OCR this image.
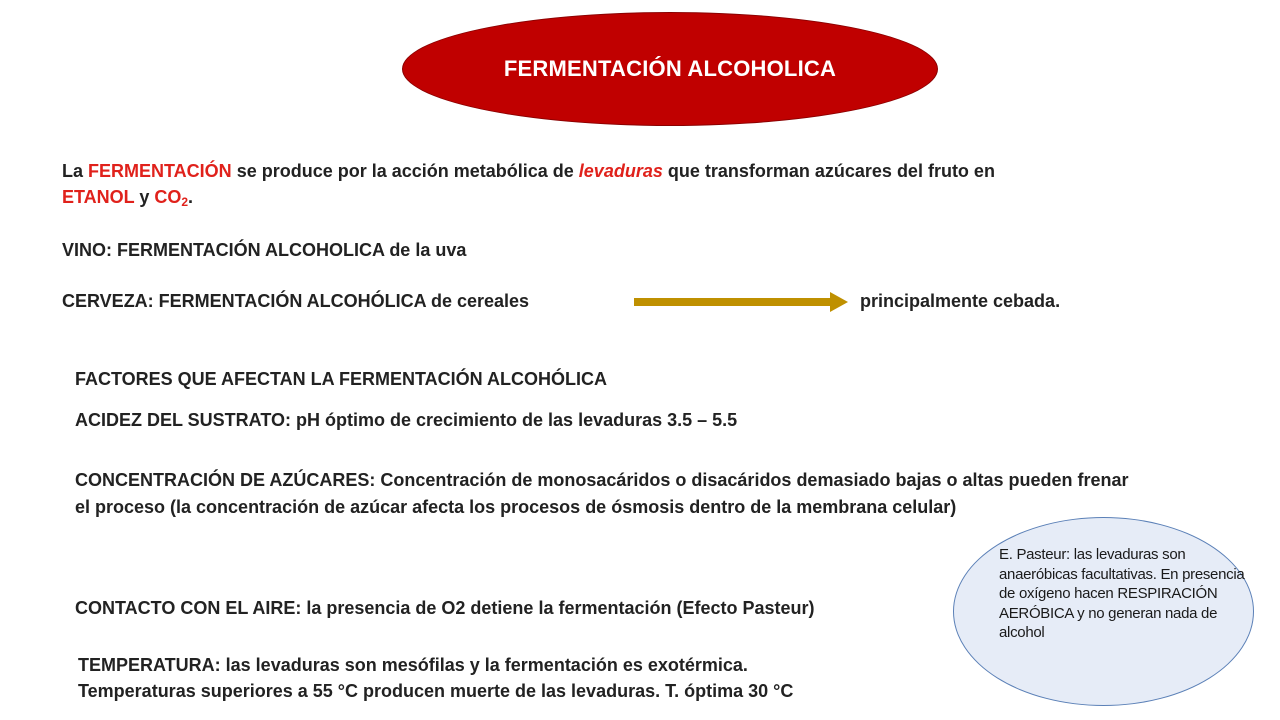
FERMENTACIÓN ALCOHOLICA
La FERMENTACIÓN se produce por la acción metabólica de levaduras que transforman azúcares del fruto en
ETANOL y $CO_2$.
VINO: FERMENTACIÓN ALCOHOLICA de la uva
CERVEZA: FERMENTACIÓN ALCOHÓLICA de cereales	principalmente cebada.
FACTORES QUE AFECTAN LA FERMENTACIÓN ALCOHÓLICA
ACIDEZ DEL SUSTRATO: pH óptimo de crecimiento de las levaduras 3.5 – 5.5
CONCENTRACIÓN DE AZÚCARES: Concentración de monosacáridos o disacáridos demasiado bajas o altas pueden frenar el proceso (la concentración de azúcar afecta los procesos de ósmosis dentro de la membrana celular)
CONTACTO CON EL AIRE: la presencia de O2 detiene la fermentación (Efecto Pasteur)
TEMPERATURA: las levaduras son mesófilas y la fermentación es exotérmica.
Temperaturas superiores a 55 °C producen muerte de las levaduras. T. óptima 30 °C
E. Pasteur: las levaduras son anaeróbicas facultativas. En presencia de oxígeno hacen RESPIRACIÓN AERÓBICA y no generan nada de alcohol
